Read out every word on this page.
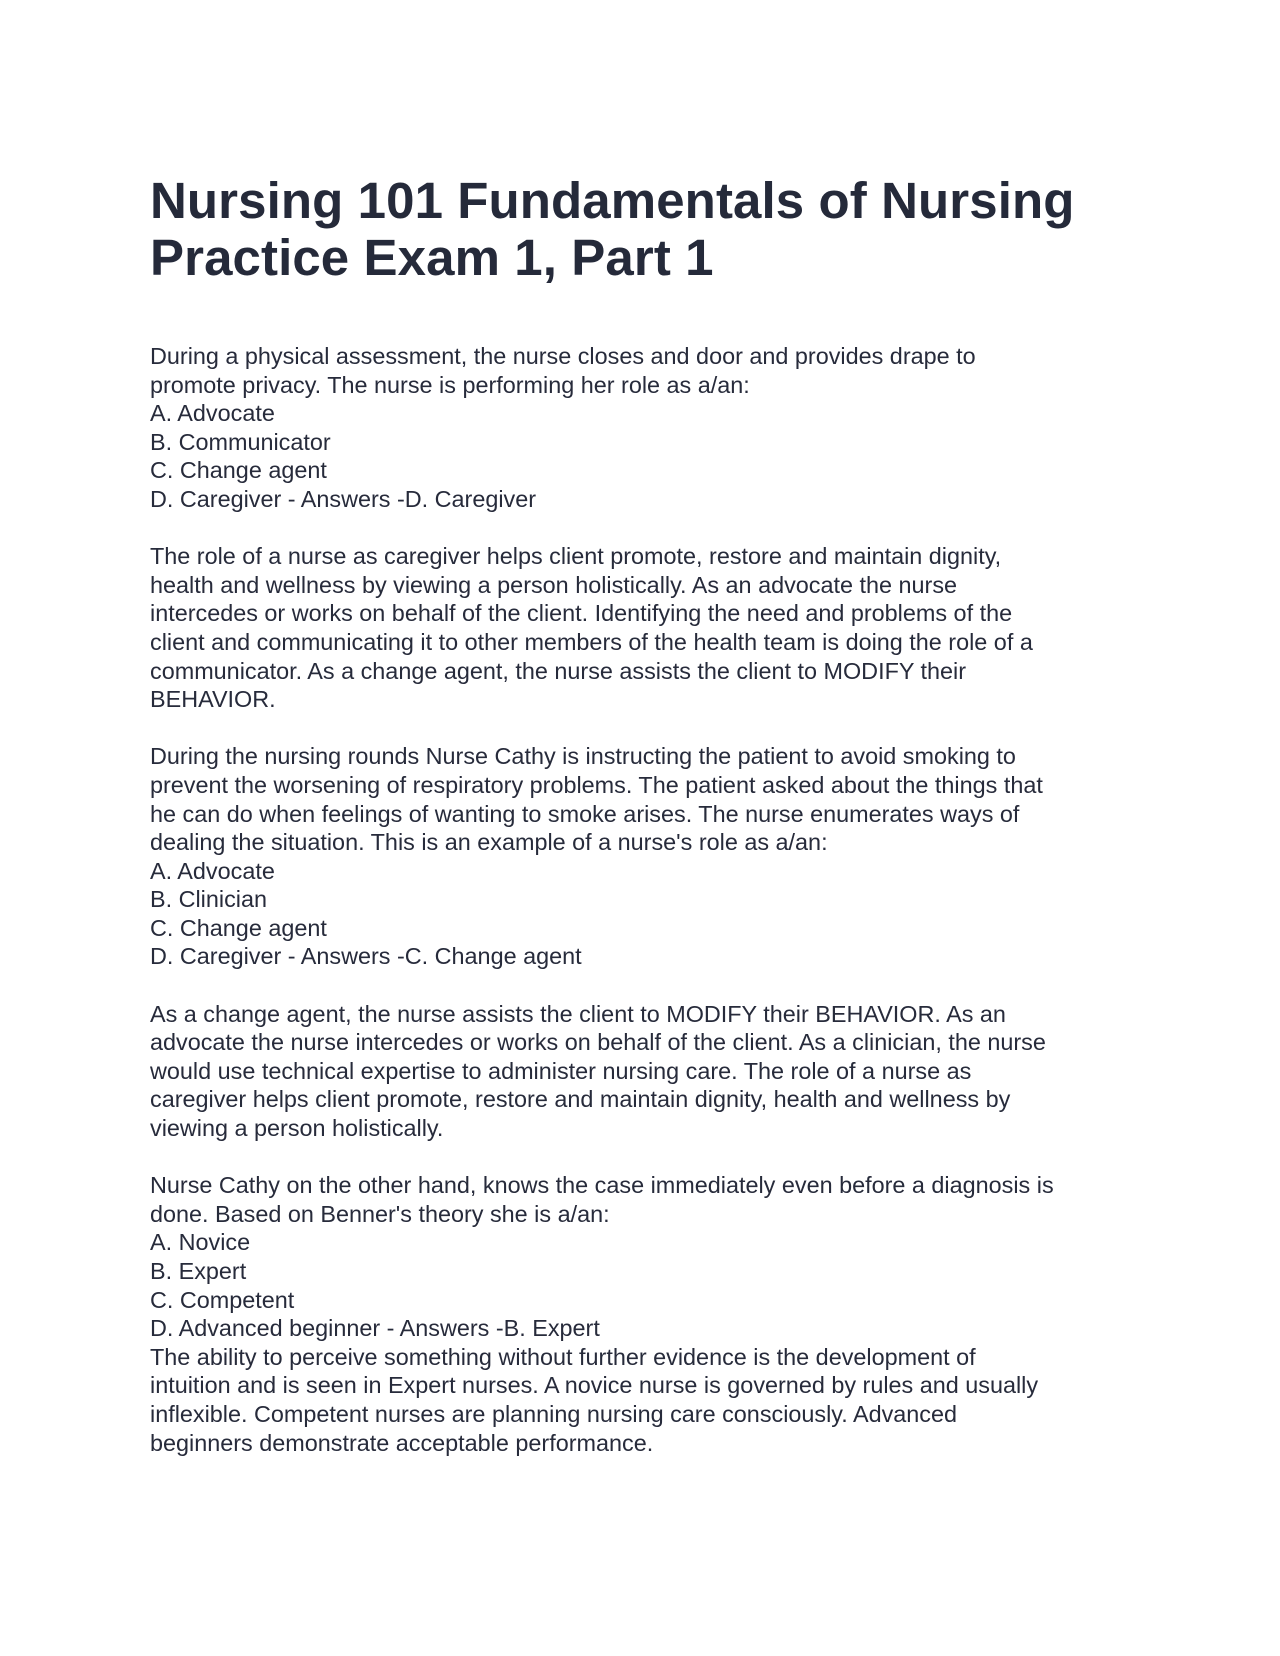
Nursing 101 Fundamentals of Nursing
Practice Exam 1, Part 1
During a physical assessment, the nurse closes and door and provides drape to
promote privacy. The nurse is performing her role as a/an:
A. Advocate
B. Communicator
C. Change agent
D. Caregiver - Answers -D. Caregiver
The role of a nurse as caregiver helps client promote, restore and maintain dignity,
health and wellness by viewing a person holistically. As an advocate the nurse
intercedes or works on behalf of the client. Identifying the need and problems of the
client and communicating it to other members of the health team is doing the role of a
communicator. As a change agent, the nurse assists the client to MODIFY their
BEHAVIOR.
During the nursing rounds Nurse Cathy is instructing the patient to avoid smoking to
prevent the worsening of respiratory problems. The patient asked about the things that
he can do when feelings of wanting to smoke arises. The nurse enumerates ways of
dealing the situation. This is an example of a nurse's role as a/an:
A. Advocate
B. Clinician
C. Change agent
D. Caregiver - Answers -C. Change agent
As a change agent, the nurse assists the client to MODIFY their BEHAVIOR. As an
advocate the nurse intercedes or works on behalf of the client. As a clinician, the nurse
would use technical expertise to administer nursing care. The role of a nurse as
caregiver helps client promote, restore and maintain dignity, health and wellness by
viewing a person holistically.
Nurse Cathy on the other hand, knows the case immediately even before a diagnosis is
done. Based on Benner's theory she is a/an:
A. Novice
B. Expert
C. Competent
D. Advanced beginner - Answers -B. Expert
The ability to perceive something without further evidence is the development of
intuition and is seen in Expert nurses. A novice nurse is governed by rules and usually
inflexible. Competent nurses are planning nursing care consciously. Advanced
beginners demonstrate acceptable performance.
